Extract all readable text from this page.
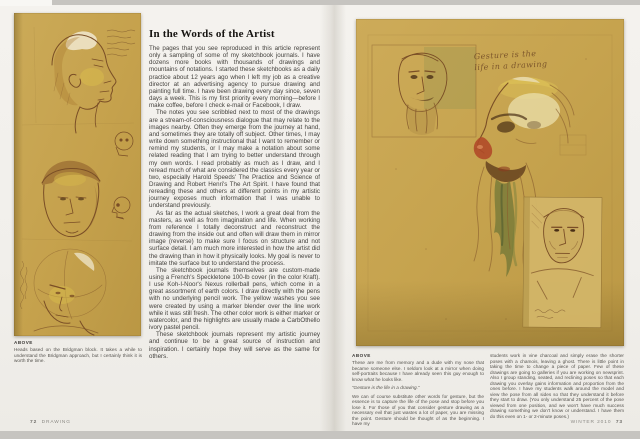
ABOVE

Heads based on the Bridgman block. It takes a while to understand the Bridgman approach, but I certainly think it is worth the time.

In the Words of the Artist

The pages that you see reproduced in this article represent only a sampling of some of my sketchbook journals. I have dozens more books with thousands of drawings and mountains of notations. I started these sketchbooks as a daily practice about 12 years ago when I left my job as a creative director at an advertising agency to pursue drawing and painting full time. I have been drawing every day since, seven days a week. This is my first priority every morning—before I make coffee, before I check e-mail or Facebook, I draw.

The notes you see scribbled next to most of the drawings are a stream-of-consciousness dialogue that may relate to the images nearby. Often they emerge from the journey at hand, and sometimes they are totally off subject. Other times, I may write down something instructional that I want to remember or remind my students, or I may make a notation about some related reading that I am trying to better understand through my own words. I read probably as much as I draw, and I reread much of what are considered the classics every year or two, especially Harold Speeds' The Practice and Science of Drawing and Robert Henri's The Art Spirit. I have found that rereading these and others at different points in my artistic journey exposes much information that I was unable to understand previously.

As far as the actual sketches, I work a great deal from the masters, as well as from imagination and life. When working from reference I totally deconstruct and reconstruct the drawing from the inside out and often will draw them in mirror image (reverse) to make sure I focus on structure and not surface detail. I am much more interested in how the artist did the drawing than in how it physically looks. My goal is never to imitate the surface but to understand the process.

The sketchbook journals themselves are custom-made using a French's Speckletone 100-lb cover (in the color Kraft). I use Koh-I-Noor's Nexus rollerball pens, which come in a great assortment of earth colors. I draw directly with the pens with no underlying pencil work. The yellow washes you see were created by using a marker blender over the line work while it was still fresh. The other color work is either marker or watercolor, and the highlights are usually made a CarbOthello ivory pastel pencil.

These sketchbook journals represent my artistic journey and continue to be a great source of instruction and inspiration. I certainly hope they will serve as the same for others.

Gesture is the
life in a drawing
ABOVE

These are me from memory and a dude with my nose that became someone else. I seldom look at a mirror when doing self-portraits because I have already seen this guy enough to know what he looks like.

“Gesture is the life in a drawing.”

We can of course substitute other words for gesture, but the essence is to capture the life of the pose and stop before you lose it. For those of you that consider gesture drawing as a necessary evil that just wastes a lot of paper, you are missing the point. Gesture should be thought of as the beginning. I have my

students work in vine charcoal and simply erase the shorter poses with a chamois, leaving a ghost. There is little point in taking the time to change a piece of paper. Few of these drawings are going to galleries if you are working on newsprint. Also I group standing, seated, and reclining poses so that each drawing you overlay gains information and proportion from the ones before. I have my students walk around the model and view the pose from all sides so that they understand it before they start to draw. (You only understand 25 percent of the pose viewed from one position, and we won't have much success drawing something we don't know or understand. I have them do this even on 1- or 2-minute poses.)

72 DRAWING	WINTER 2010 73
